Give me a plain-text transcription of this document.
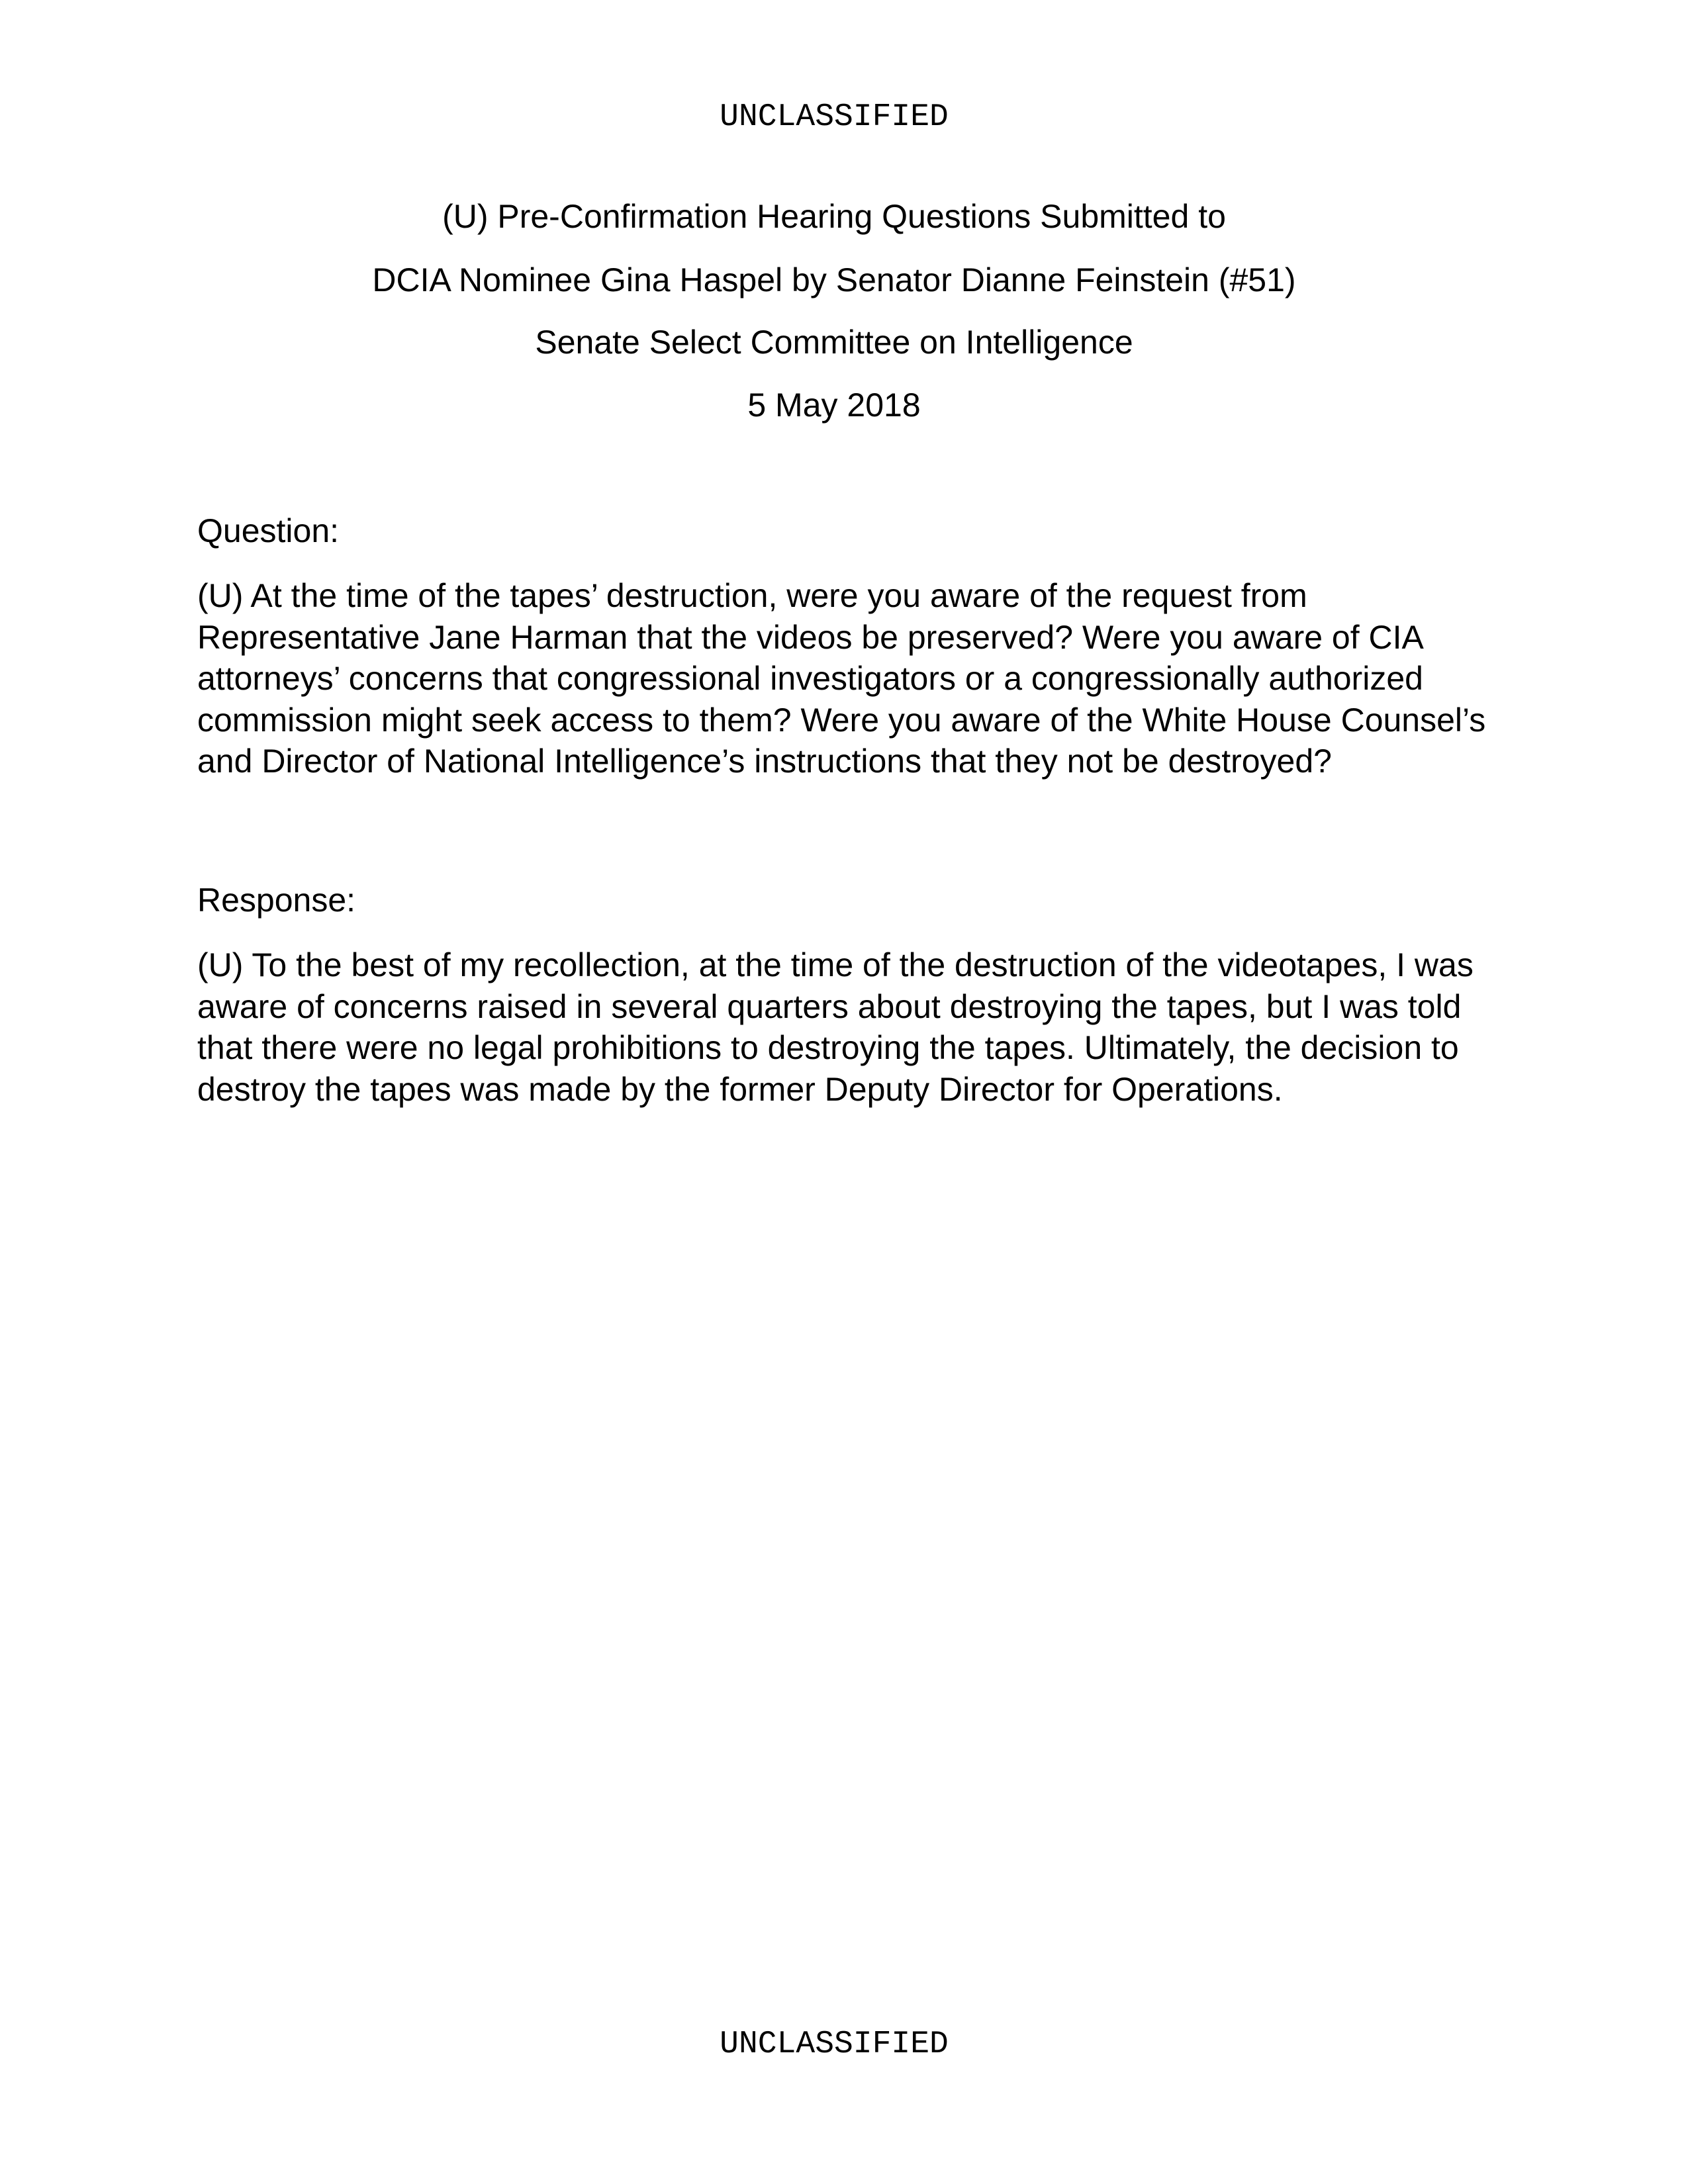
UNCLASSIFIED
(U) Pre-Confirmation Hearing Questions Submitted to
DCIA Nominee Gina Haspel by Senator Dianne Feinstein (#51)
Senate Select Committee on Intelligence
5 May 2018
Question:
(U) At the time of the tapes’ destruction, were you aware of the request from
Representative Jane Harman that the videos be preserved? Were you aware of CIA
attorneys’ concerns that congressional investigators or a congressionally authorized
commission might seek access to them? Were you aware of the White House Counsel’s
and Director of National Intelligence’s instructions that they not be destroyed?
Response:
(U) To the best of my recollection, at the time of the destruction of the videotapes, I was
aware of concerns raised in several quarters about destroying the tapes, but I was told
that there were no legal prohibitions to destroying the tapes. Ultimately, the decision to
destroy the tapes was made by the former Deputy Director for Operations.
UNCLASSIFIED
